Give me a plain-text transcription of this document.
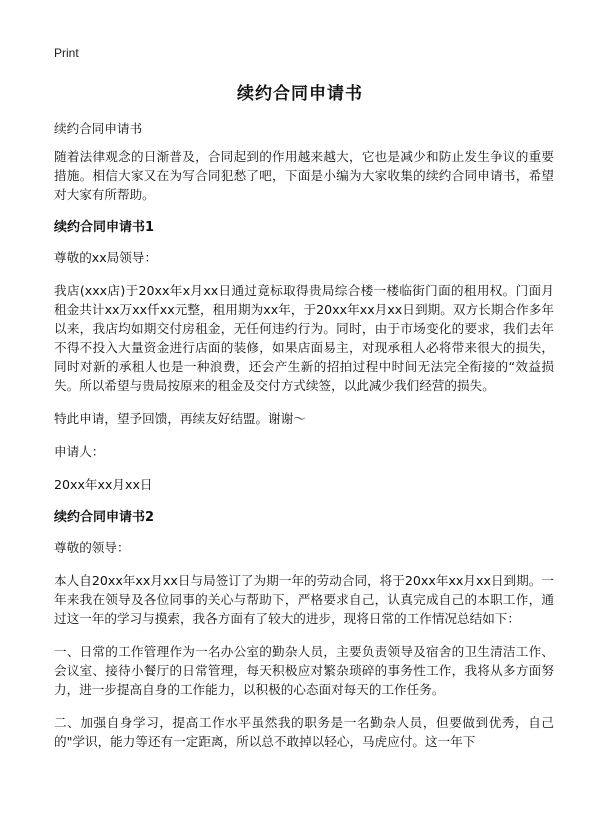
Print
续约合同申请书

续约合同申请书

随着法律观念的日渐普及，合同起到的作用越来越大，它也是减少和防止发生争议的重要措施。相信大家又在为写合同犯愁了吧，下面是小编为大家收集的续约合同申请书，希望对大家有所帮助。

续约合同申请书1

尊敬的xx局领导：

我店(xxx店)于20xx年x月xx日通过竟标取得贵局综合楼一楼临街门面的租用权。门面月租金共计xx万xx仟xx元整，租用期为xx年，于20xx年xx月xx日到期。双方长期合作多年以来，我店均如期交付房租金，无任何违约行为。同时，由于市场变化的要求，我们去年不得不投入大量资金进行店面的装修，如果店面易主，对现承租人必将带来很大的损失，同时对新的承租人也是一种浪费，还会产生新的招拍过程中时间无法完全衔接的“效益损失。所以希望与贵局按原来的租金及交付方式续签，以此减少我们经营的损失。

特此申请，望予回馈，再续友好结盟。谢谢～

申请人：

20xx年xx月xx日

续约合同申请书2

尊敬的领导：

本人自20xx年xx月xx日与局签订了为期一年的劳动合同，将于20xx年xx月xx日到期。一年来我在领导及各位同事的关心与帮助下，严格要求自己，认真完成自己的本职工作，通过这一年的学习与摸索，我各方面有了较大的进步，现将日常的工作情况总结如下：

一、日常的工作管理作为一名办公室的勤杂人员，主要负责领导及宿舍的卫生清洁工作、会议室、接待小餐厅的日常管理，每天积极应对繁杂琐碎的事务性工作，我将从多方面努力，进一步提高自身的工作能力，以积极的心态面对每天的工作任务。

二、加强自身学习，提高工作水平虽然我的职务是一名勤杂人员，但要做到优秀，自己的"学识，能力等还有一定距离，所以总不敢掉以轻心，马虎应付。这一年下
